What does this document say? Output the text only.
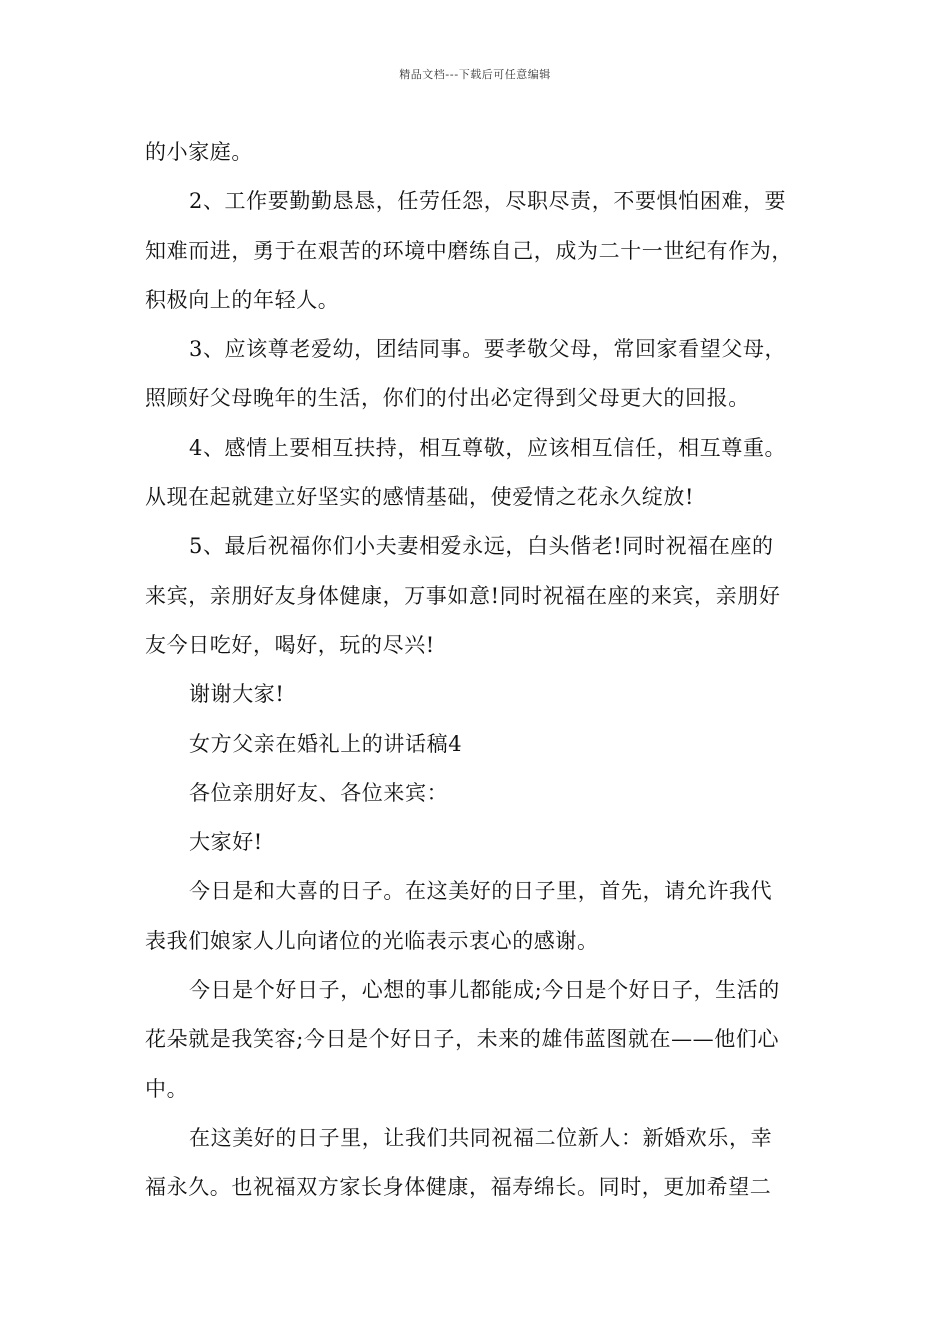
精品文档---下载后可任意编辑
的小家庭。
2、工作要勤勤恳恳，任劳任怨，尽职尽责，不要惧怕困难，要
知难而进，勇于在艰苦的环境中磨练自己，成为二十一世纪有作为，
积极向上的年轻人。
3、应该尊老爱幼，团结同事。要孝敬父母，常回家看望父母，
照顾好父母晚年的生活，你们的付出必定得到父母更大的回报。
4、感情上要相互扶持，相互尊敬，应该相互信任，相互尊重。
从现在起就建立好坚实的感情基础，使爱情之花永久绽放!
5、最后祝福你们小夫妻相爱永远，白头偕老!同时祝福在座的
来宾，亲朋好友身体健康，万事如意!同时祝福在座的来宾，亲朋好
友今日吃好，喝好，玩的尽兴!
谢谢大家!
女方父亲在婚礼上的讲话稿4
各位亲朋好友、各位来宾：
大家好!
今日是和大喜的日子。在这美好的日子里，首先，请允许我代
表我们娘家人儿向诸位的光临表示衷心的感谢。
今日是个好日子，心想的事儿都能成;今日是个好日子，生活的
花朵就是我笑容;今日是个好日子，未来的雄伟蓝图就在——他们心
中。
在这美好的日子里，让我们共同祝福二位新人：新婚欢乐，幸
福永久。也祝福双方家长身体健康，福寿绵长。同时，更加希望二
